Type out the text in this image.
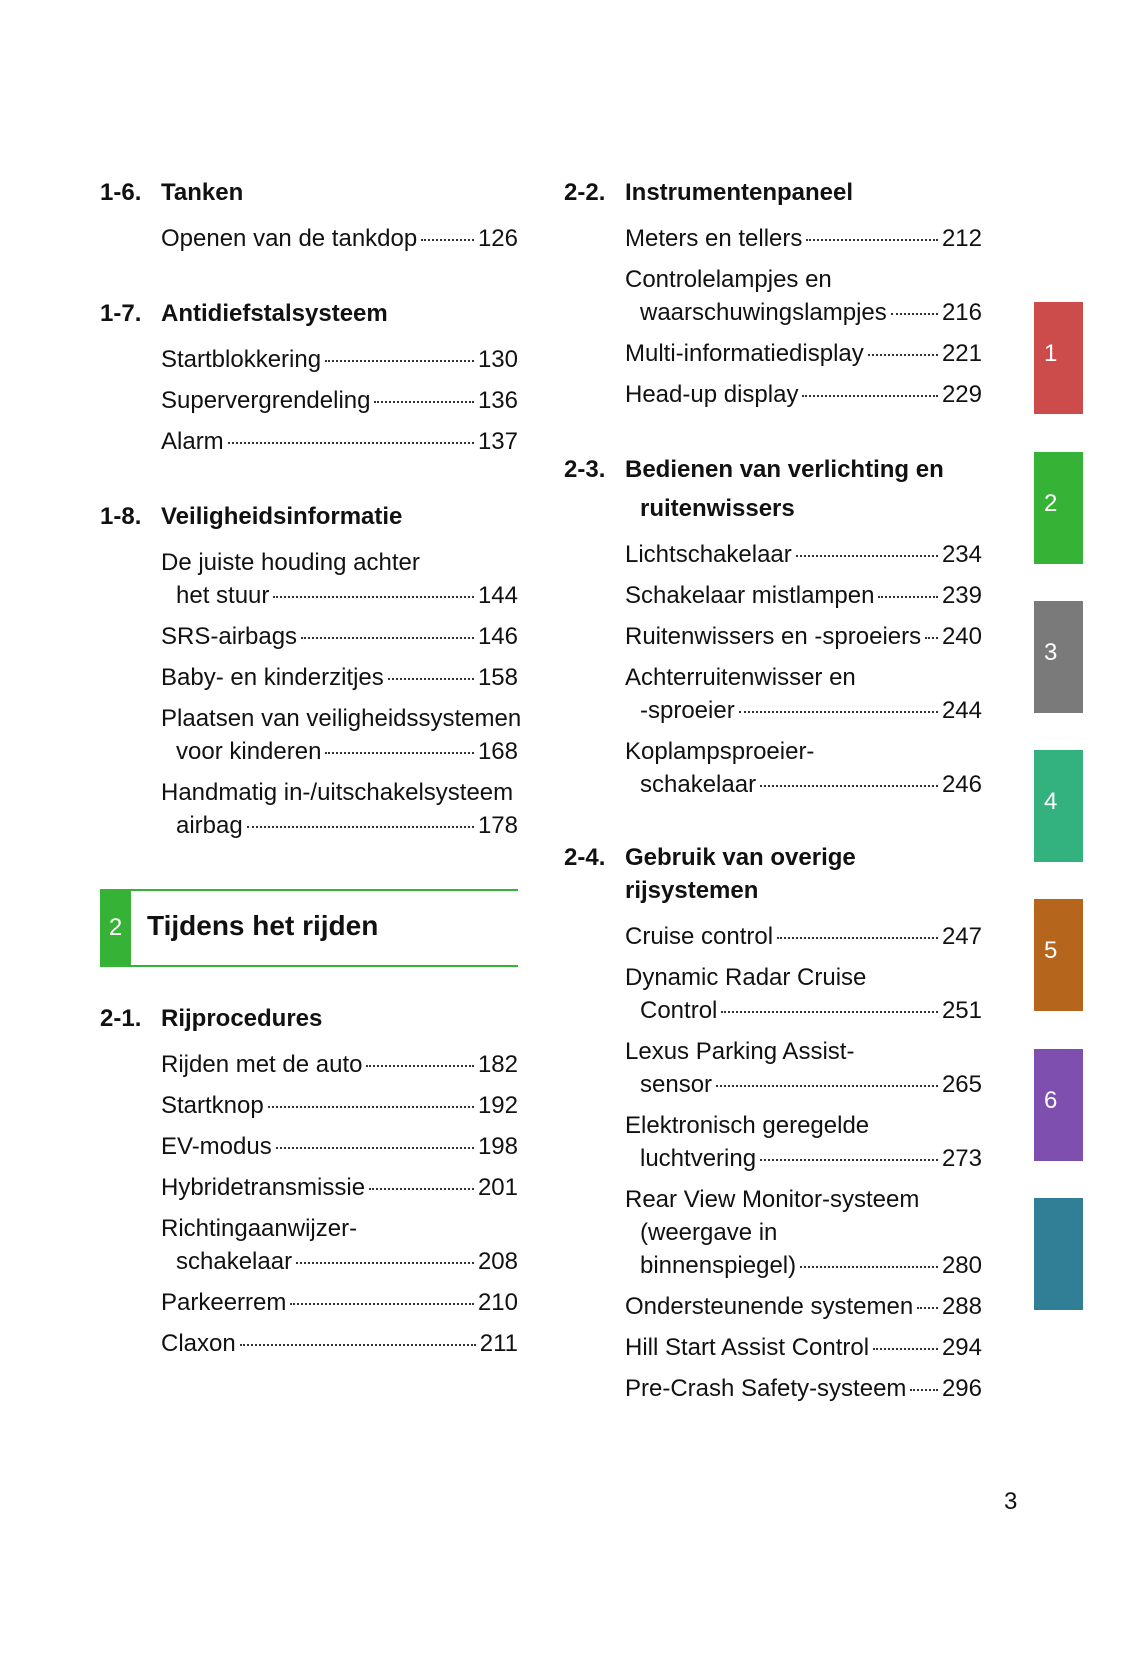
2 Tijdens het rijden
3
1-6. Tanken
Openen van de tankdop	126
1-7. Antidiefstalsysteem
Startblokkering	130
Supervergrendeling	136
Alarm	137
1-8. Veiligheidsinformatie
De juiste houding achter
het stuur	144
SRS-airbags	146
Baby- en kinderzitjes	158
Plaatsen van veiligheidssystemen
voor kinderen	168
Handmatig in-/uitschakelsysteem
airbag	178
2-1. Rijprocedures
Rijden met de auto	182
Startknop	192
EV-modus	198
Hybridetransmissie	201
Richtingaanwijzer-
schakelaar	208
Parkeerrem	210
Claxon	211
2-2. Instrumentenpaneel
Meters en tellers	212
Controlelampjes en
waarschuwingslampjes 216
Multi-informatiedisplay	221
Head-up display	229
2-3. Bedienen van verlichting en
ruitenwissers
Lichtschakelaar	234
Schakelaar mistlampen	239
Ruitenwissers en -sproeiers 240
Achterruitenwisser en
-sproeier	244
Koplampsproeier-
schakelaar	246
2-4. Gebruik van overige rijsystemen
Cruise control	247
Dynamic Radar Cruise
Control	251
Lexus Parking Assist-
sensor	265
Elektronisch geregelde
luchtvering	273
Rear View Monitor-systeem
(weergave in
binnenspiegel)	280
Ondersteunende systemen 288
Hill Start Assist Control	294
Pre-Crash Safety-systeem 296
1
2
3
4
5
6
